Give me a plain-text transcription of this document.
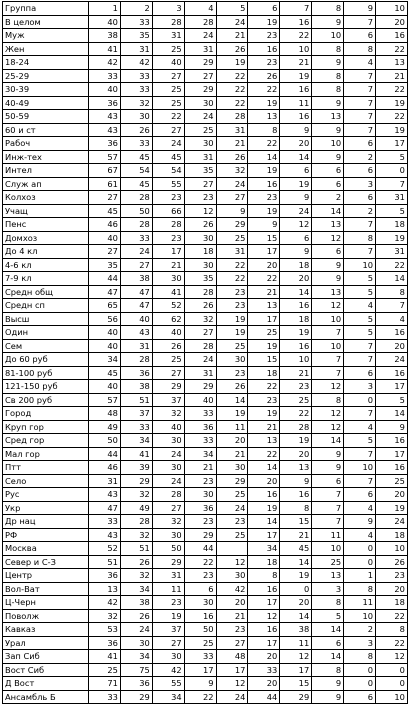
Группа	1	2	3	4	5	6	7	8	9	10
В целом	40	33	28	28	24	19	16	9	7	20
Муж	38	35	31	24	21	23	22	10	6	16
Жен	41	31	25	31	26	16	10	8	8	22
18-24	42	42	40	29	19	23	21	9	4	13
25-29	33	33	27	27	22	26	19	8	7	21
30-39	40	33	25	29	22	22	16	8	7	22
40-49	36	32	25	30	22	19	11	9	7	19
50-59	43	30	22	24	28	13	16	13	7	22
60 и ст	43	26	27	25	31	8	9	9	7	19
Рабоч	36	33	24	30	21	22	20	10	6	17
Инж-тех	57	45	45	31	26	14	14	9	2	5
Интел	67	54	54	35	32	19	6	6	6	0
Служ ап	61	45	55	27	24	16	19	6	3	7
Колхоз	27	28	23	23	27	23	9	2	6	31
Учащ	45	50	66	12	9	19	24	14	2	5
Пенс	46	28	28	26	29	9	12	13	7	18
Домхоз	40	33	23	30	25	15	6	12	8	19
До 4 кл	27	24	17	18	31	17	9	6	7	31
4-6 кл	35	27	21	30	22	20	18	9	10	22
7-9 кл	44	38	30	35	22	22	20	9	5	14
Средн общ	47	47	41	28	23	21	14	13	5	8
Средн сп	65	47	52	26	23	13	16	12	4	7
Высш	56	40	62	32	19	17	18	10	5	4
Один	40	43	40	27	19	25	19	7	5	16
Сем	40	31	26	28	25	19	16	10	7	20
До 60 руб	34	28	25	24	30	15	10	7	7	24
81-100 руб	45	36	27	31	23	18	21	7	6	16
121-150 руб	40	38	29	29	26	22	23	12	3	17
Св 200 руб	57	51	37	40	14	23	25	8	0	5
Город	48	37	32	33	19	19	22	12	7	14
Круп гор	49	33	40	36	11	21	28	12	4	9
Сред гор	50	34	30	33	20	13	19	14	5	16
Мал гор	44	41	24	34	21	22	20	9	7	17
Птт	46	39	30	21	30	14	13	9	10	16
Село	31	29	24	23	29	20	9	6	7	25
Рус	43	32	28	30	25	16	16	7	6	20
Укр	47	49	27	36	24	19	8	7	4	19
Др нац	33	28	32	23	23	14	15	7	9	24
РФ	43	32	30	29	25	17	21	11	4	18
Москва	52	51	50	44		34	45	10	0	10
Север и С-З	51	26	29	22	12	18	14	25	0	26
Центр	36	32	31	23	30	8	19	13	1	23
Вол-Ват	13	34	11	6	42	16	0	3	8	20
Ц-Черн	42	38	23	30	20	17	20	8	11	18
Поволж	32	26	19	16	21	12	14	5	10	22
Кавказ	53	24	37	50	23	16	38	14	2	8
Урал	36	30	27	25	27	17	11	6	3	22
Зап Сиб	41	34	30	33	48	20	12	14	8	12
Вост Сиб	25	75	42	17	17	33	17	8	0	0
Д Вост	71	36	55	9	12	20	15	9	0	0
Ансамбль Б	33	29	34	22	24	44	29	9	6	10
